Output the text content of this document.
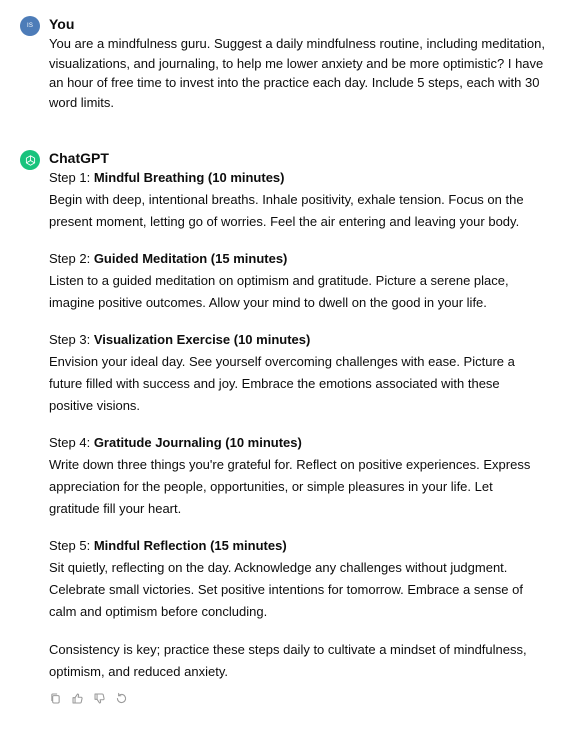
IS You
You are a mindfulness guru. Suggest a daily mindfulness routine, including meditation, visualizations, and journaling, to help me lower anxiety and be more optimistic? I have an hour of free time to invest into the practice each day. Include 5 steps, each with 30 word limits.
ChatGPT
Step 1: Mindful Breathing (10 minutes)
Begin with deep, intentional breaths. Inhale positivity, exhale tension. Focus on the present moment, letting go of worries. Feel the air entering and leaving your body.
Step 2: Guided Meditation (15 minutes)
Listen to a guided meditation on optimism and gratitude. Picture a serene place, imagine positive outcomes. Allow your mind to dwell on the good in your life.
Step 3: Visualization Exercise (10 minutes)
Envision your ideal day. See yourself overcoming challenges with ease. Picture a future filled with success and joy. Embrace the emotions associated with these positive visions.
Step 4: Gratitude Journaling (10 minutes)
Write down three things you're grateful for. Reflect on positive experiences. Express appreciation for the people, opportunities, or simple pleasures in your life. Let gratitude fill your heart.
Step 5: Mindful Reflection (15 minutes)
Sit quietly, reflecting on the day. Acknowledge any challenges without judgment. Celebrate small victories. Set positive intentions for tomorrow. Embrace a sense of calm and optimism before concluding.
Consistency is key; practice these steps daily to cultivate a mindset of mindfulness, optimism, and reduced anxiety.
